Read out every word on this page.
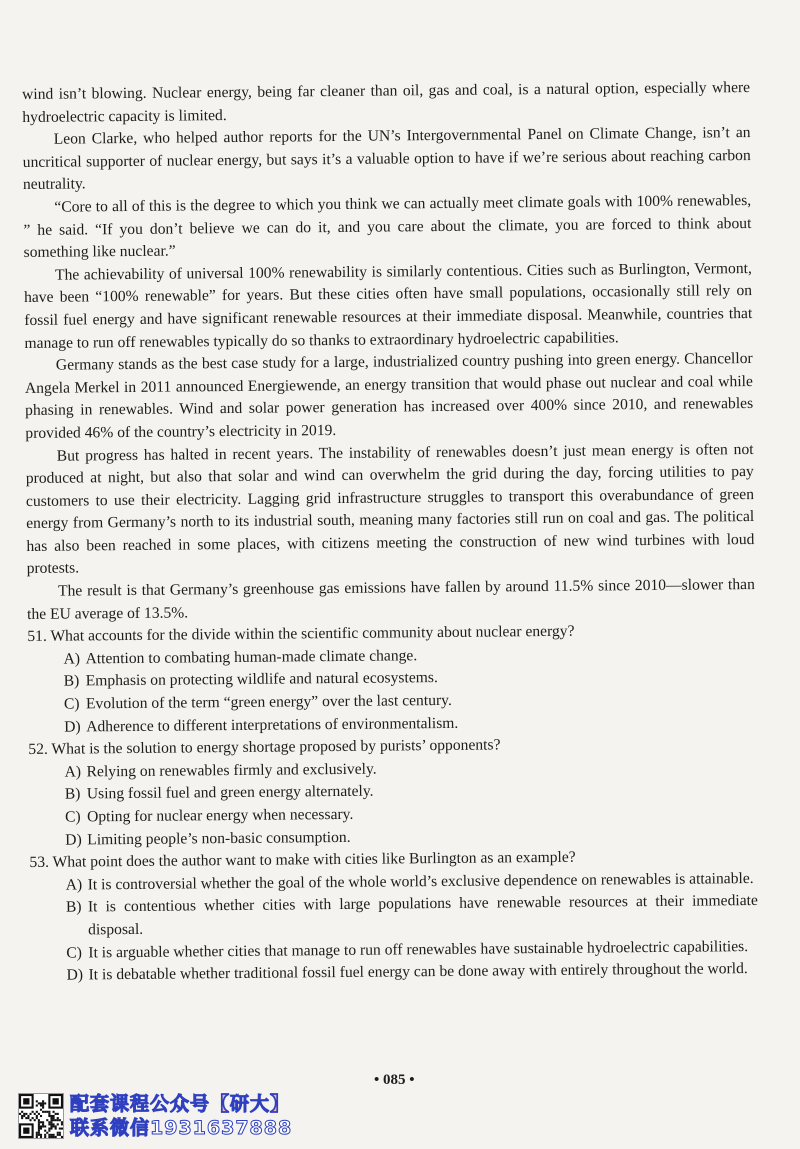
wind isn’t blowing. Nuclear energy, being far cleaner than oil, gas and coal, is a natural option, especially where hydroelectric capacity is limited.

Leon Clarke, who helped author reports for the UN’s Intergovernmental Panel on Climate Change, isn’t an uncritical supporter of nuclear energy, but says it’s a valuable option to have if we’re serious about reaching carbon neutrality.

“Core to all of this is the degree to which you think we can actually meet climate goals with 100% renewables, ” he said. “If you don’t believe we can do it, and you care about the climate, you are forced to think about something like nuclear.”

The achievability of universal 100% renewability is similarly contentious. Cities such as Burlington, Vermont, have been “100% renewable” for years. But these cities often have small populations, occasionally still rely on fossil fuel energy and have significant renewable resources at their immediate disposal. Meanwhile, countries that manage to run off renewables typically do so thanks to extraordinary hydroelectric capabilities.

Germany stands as the best case study for a large, industrialized country pushing into green energy. Chancellor Angela Merkel in 2011 announced Energiewende, an energy transition that would phase out nuclear and coal while phasing in renewables. Wind and solar power generation has increased over 400% since 2010, and renewables provided 46% of the country’s electricity in 2019.

But progress has halted in recent years. The instability of renewables doesn’t just mean energy is often not produced at night, but also that solar and wind can overwhelm the grid during the day, forcing utilities to pay customers to use their electricity. Lagging grid infrastructure struggles to transport this overabundance of green energy from Germany’s north to its industrial south, meaning many factories still run on coal and gas. The political has also been reached in some places, with citizens meeting the construction of new wind turbines with loud protests.

The result is that Germany’s greenhouse gas emissions have fallen by around 11.5% since 2010—slower than the EU average of 13.5%.

51. What accounts for the divide within the scientific community about nuclear energy?

A) Attention to combating human-made climate change.

B) Emphasis on protecting wildlife and natural ecosystems.

C) Evolution of the term “green energy” over the last century.

D) Adherence to different interpretations of environmentalism.

52. What is the solution to energy shortage proposed by purists’ opponents?

A) Relying on renewables firmly and exclusively.

B) Using fossil fuel and green energy alternately.

C) Opting for nuclear energy when necessary.

D) Limiting people’s non-basic consumption.

53. What point does the author want to make with cities like Burlington as an example?

A) It is controversial whether the goal of the whole world’s exclusive dependence on renewables is attainable.

B) It is contentious whether cities with large populations have renewable resources at their immediate disposal.

C) It is arguable whether cities that manage to run off renewables have sustainable hydroelectric capabilities.

D) It is debatable whether traditional fossil fuel energy can be done away with entirely throughout the world.

• 085 •
配套课程公众号【研大】
联系微信1931637888
